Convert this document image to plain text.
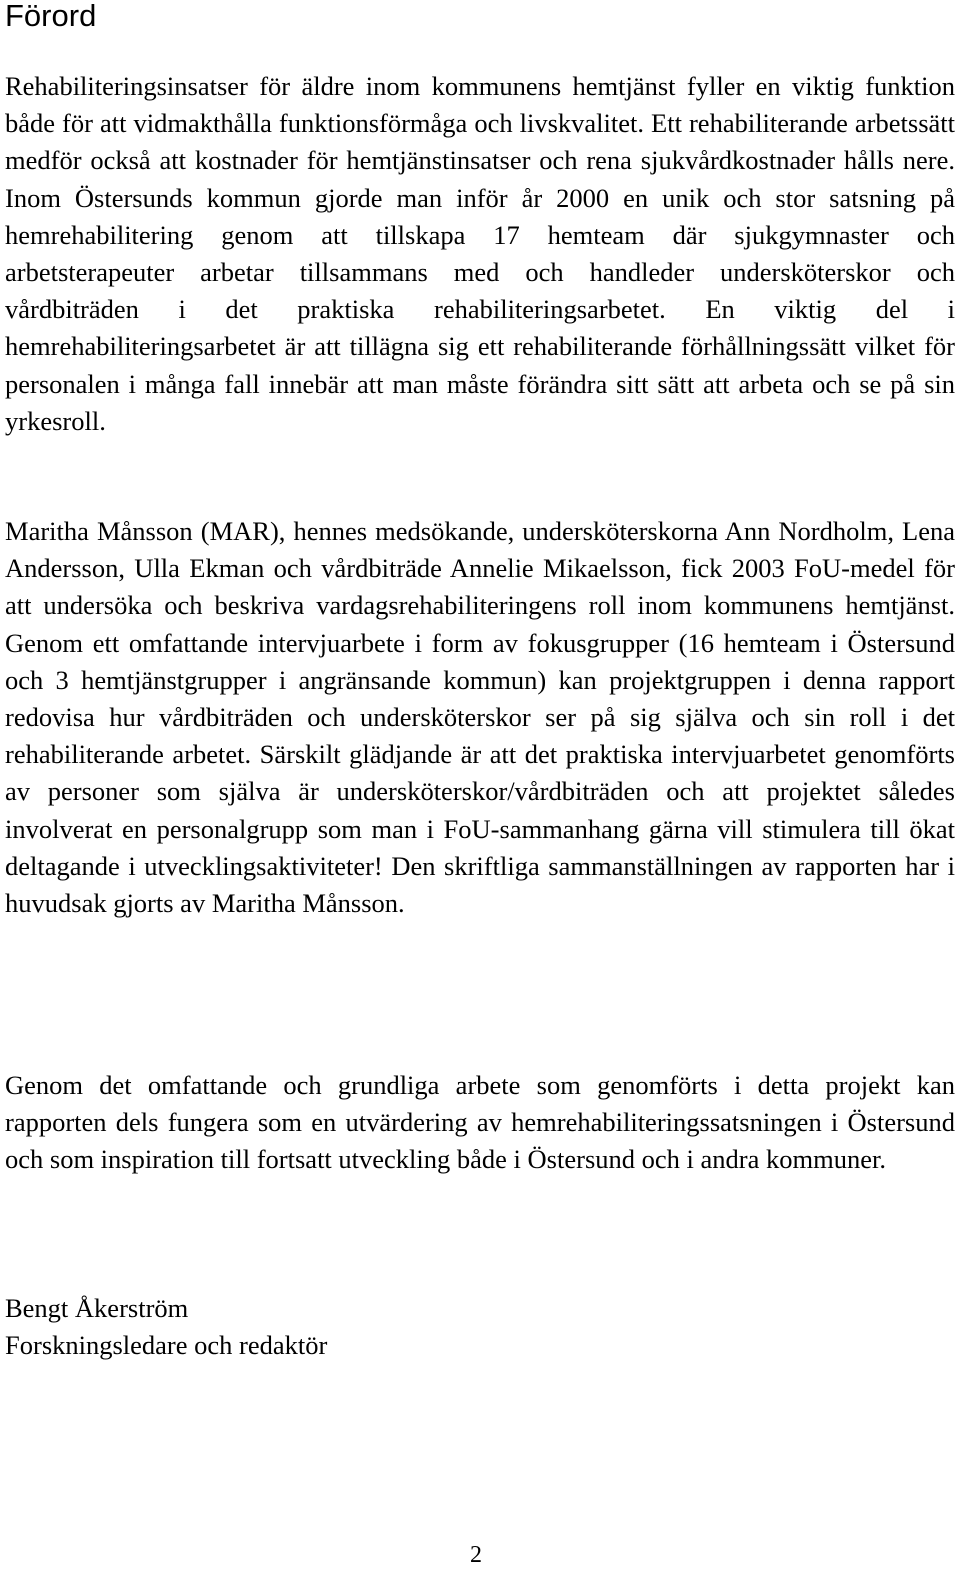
Förord

Rehabiliteringsinsatser för äldre inom kommunens hemtjänst fyller en viktig funktion både för att vidmakthålla funktionsförmåga och livskvalitet. Ett rehabiliterande arbetssätt medför också att kostnader för hemtjänstinsatser och rena sjukvårdkostnader hålls nere. Inom Östersunds kommun gjorde man inför år 2000 en unik och stor satsning på hemrehabilitering genom att tillskapa 17 hemteam där sjukgymnaster och arbetsterapeuter arbetar tillsammans med och handleder undersköterskor och vårdbiträden i det praktiska rehabiliteringsarbetet. En viktig del i hemrehabiliteringsarbetet är att tillägna sig ett rehabiliterande förhållningssätt vilket för personalen i många fall innebär att man måste förändra sitt sätt att arbeta och se på sin yrkesroll.

Maritha Månsson (MAR), hennes medsökande, undersköterskorna Ann Nordholm, Lena Andersson, Ulla Ekman och vårdbiträde Annelie Mikaelsson, fick 2003 FoU-medel för att undersöka och beskriva vardagsrehabiliteringens roll inom kommunens hemtjänst. Genom ett omfattande intervjuarbete i form av fokusgrupper (16 hemteam i Östersund och 3 hemtjänstgrupper i angränsande kommun) kan projektgruppen i denna rapport redovisa hur vårdbiträden och undersköterskor ser på sig själva och sin roll i det rehabiliterande arbetet. Särskilt glädjande är att det praktiska intervjuarbetet genomförts av personer som själva är undersköterskor/vårdbiträden och att projektet således involverat en personalgrupp som man i FoU-sammanhang gärna vill stimulera till ökat deltagande i utvecklingsaktiviteter! Den skriftliga sammanställningen av rapporten har i huvudsak gjorts av Maritha Månsson.

Genom det omfattande och grundliga arbete som genomförts i detta projekt kan rapporten dels fungera som en utvärdering av hemrehabiliteringssatsningen i Östersund och som inspiration till fortsatt utveckling både i Östersund och i andra kommuner.

Bengt Åkerström
Forskningsledare och redaktör
2
